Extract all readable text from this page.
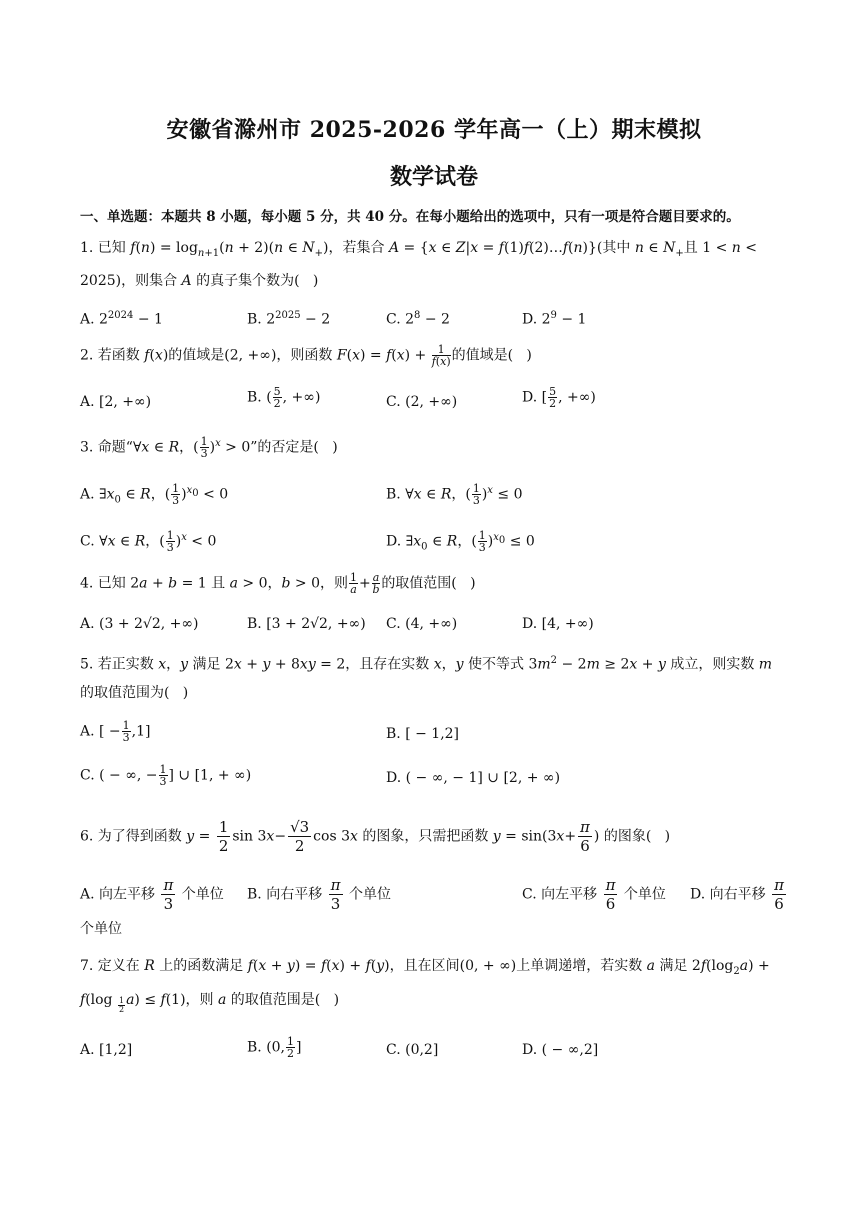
安徽省滁州市 2025-2026 学年高一（上）期末模拟
数学试卷
一、单选题：本题共 8 小题，每小题 5 分，共 40 分。在每小题给出的选项中，只有一项是符合题目要求的。
1. 已知 $f(n) = \log_{n+1}(n + 2)(n$ ∈ $N_+$)，若集合 A = {x ∈ Z|x = f(1)f(2)…f(n)}(其中 n ∈ $N_+$且 1 < n <
2025)，则集合 A 的真子集个数为(   )
A. $2^{2024} - 1$	B. $2^{2025} - 2$	C. $2^8 - 2$	D. $2^9 - 1$
2. 若函数 f(x)的值域是(2, +∞)，则函数 $F(x) = f(x) + \frac{1}{f(x)}$ 的值域是(   )
A. [2, +∞)	B. ( $\frac{5}{2}$ , +∞)	C. (2, +∞)	D. [ $\frac{5}{2}$ , +∞)
3. 命题“∀x ∈ R，( $\frac{1}{3} )^x > 0$”的否定是(   )
A. $\exists x_0$ ∈ R，( $\frac{1}{3} )^{x_0} < 0$	B. ∀x ∈ R，( $\frac{1}{3} )^x \le 0$
C. ∀x ∈ R，( $\frac{1}{3} )^x < 0$	D. $\exists x_0$ ∈ R，( $\frac{1}{3} )^{x_0} \le 0$
4. 已知 2a + b = 1 且 a > 0，b > 0，则 $\frac{1}{a} + \frac{a}{b}$ 的取值范围(   )
A. (3 + 2√2, +∞)	B. [3 + 2√2, +∞) C. (4, +∞)	D. [4, +∞)
5. 若正实数 x，y 满足 2x + y + 8xy = 2，且存在实数 x，y 使不等式 $3m^2 - 2m \ge 2x + y$ 成立，则实数 m
的取值范围为(   )
A. [ − $\frac{1}{3} ,1$]	B. [ − 1,2]
C. ( − ∞, − $\frac{1}{3}$ ] ∪ [1, + ∞)	D. ( − ∞, − 1] ∪ [2, + ∞)
6. 为了得到函数 $y = \frac{1}{2}$ $\sin 3x- \frac{√3}{2}$ cos 3x 的图象，只需把函数 $y = \sin(3x+ \frac{\pi}{6}$ ) 的图象(   )
A. 向左平移 $\frac{\pi}{3}$ 个单位 B. 向右平移 $\frac{\pi}{3}$ 个单位	C. 向左平移 $\frac{\pi}{6}$ 个单位 D. 向右平移 $\frac{\pi}{6}$
个单位
7. 定义在 R 上的函数满足 f(x + y) = f(x) + f(y)，且在区间(0, + ∞)上单调递增，若实数 a 满足 $2f(\log_2a)$ +
f(log $_{\frac{1}{2}}$ a) ≤ f(1)，则 a 的取值范围是(   )
A. [1,2]	B. (0, $\frac{1}{2}$ ]	C. (0,2]	D. ( − ∞,2]
